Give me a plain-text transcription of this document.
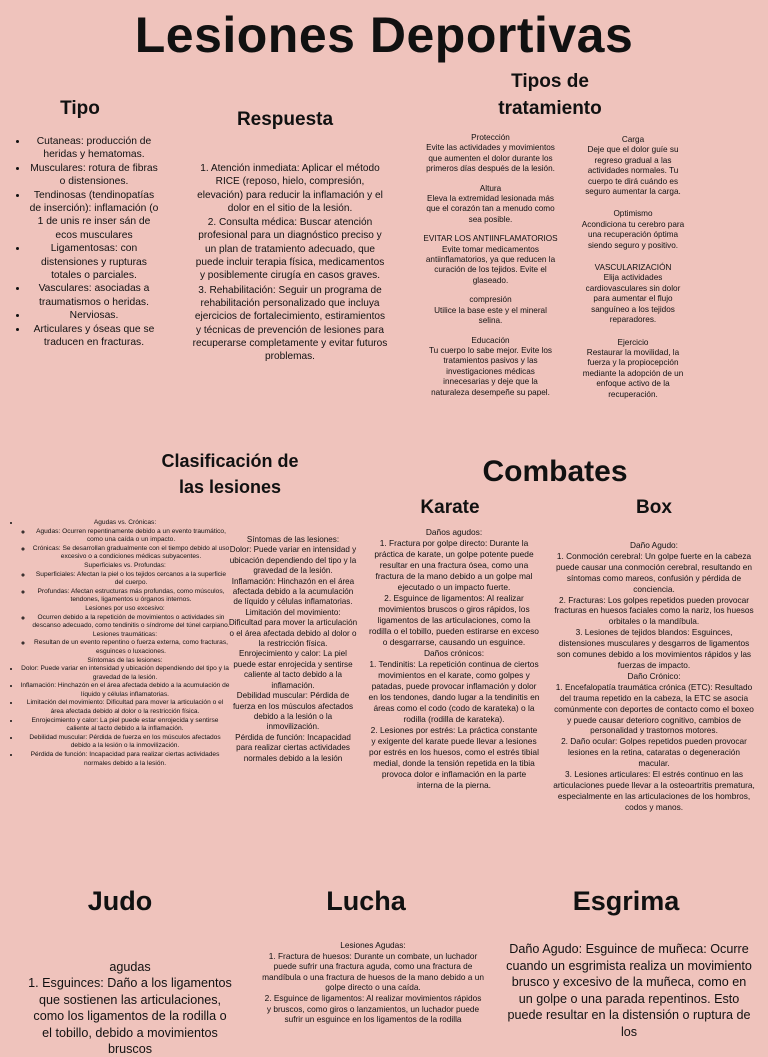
Lesiones Deportivas
Tipo
• Cutaneas: producción de heridas y hematomas.
• Musculares: rotura de fibras o distensiones.
• Tendinosas (tendinopatías de inserción): inflamación (o 1 de unis re inser sán de ecos musculares
• Ligamentosas: con distensiones y rupturas totales o parciales.
• Vasculares: asociadas a traumatismos o heridas.
• Nerviosas.
• Articulares y óseas que se traducen en fracturas.
Respuesta
1. Atención inmediata: Aplicar el método RICE (reposo, hielo, compresión, elevación) para reducir la inflamación y el dolor en el sitio de la lesión.
2. Consulta médica: Buscar atención profesional para un diagnóstico preciso y un plan de tratamiento adecuado, que puede incluir terapia física, medicamentos y posiblemente cirugía en casos graves.
3. Rehabilitación: Seguir un programa de rehabilitación personalizado que incluya ejercicios de fortalecimiento, estiramientos y técnicas de prevención de lesiones para recuperarse completamente y evitar futuros problemas.
Tipos de tratamiento
Protección
Evite las actividades y movimientos que aumenten el dolor durante los primeros días después de la lesión.
Altura
Eleva la extremidad lesionada más que el corazón tan a menudo como sea posible.
EVITAR LOS ANTIINFLAMATORIOS
Evite tomar medicamentos antiinflamatorios, ya que reducen la curación de los tejidos. Evite el glaseado.
compresión
Utilice la base este y el mineral selina.
Educación
Tu cuerpo lo sabe mejor. Evite los tratamientos pasivos y las investigaciones médicas innecesarias y deje que la naturaleza desempeñe su papel.
Carga
Deje que el dolor guíe su regreso gradual a las actividades normales. Tu cuerpo te dirá cuándo es seguro aumentar la carga.
Optimismo
Acondiciona tu cerebro para una recuperación óptima siendo seguro y positivo.
VASCULARIZACIÓN
Elija actividades cardiovasculares sin dolor para aumentar el flujo sanguíneo a los tejidos reparadores.
Ejercicio
Restaurar la movilidad, la fuerza y la propiocepción mediante la adopción de un enfoque activo de la recuperación.
Clasificación de las lesiones
• Agudas vs. Crónicas:
◦ Agudas: Ocurren repentinamente debido a un evento traumático, como una caída o un impacto.
◦ Crónicas: Se desarrollan gradualmente con el tiempo debido al uso excesivo o a condiciones médicas subyacentes.
Superficiales vs. Profundas:
◦ Superficiales: Afectan la piel o los tejidos cercanos a la superficie del cuerpo.
◦ Profundas: Afectan estructuras más profundas, como músculos, tendones, ligamentos u órganos internos.
Lesiones por uso excesivo:
◦ Ocurren debido a la repetición de movimientos o actividades sin descanso adecuado, como tendinitis o síndrome del túnel carpiano.
Lesiones traumáticas:
◦ Resultan de un evento repentino o fuerza externa, como fracturas, esguinces o luxaciones.
Síntomas de las lesiones:
• Dolor: Puede variar en intensidad y ubicación dependiendo del tipo y la gravedad de la lesión.
• Inflamación: Hinchazón en el área afectada debido a la acumulación de líquido y células inflamatorias.
• Limitación del movimiento: Dificultad para mover la articulación o el área afectada debido al dolor o la restricción física.
• Enrojecimiento y calor: La piel puede estar enrojecida y sentirse caliente al tacto debido a la inflamación.
• Debilidad muscular: Pérdida de fuerza en los músculos afectados debido a la lesión o la inmovilización.
• Pérdida de función: Incapacidad para realizar ciertas actividades normales debido a la lesión.
Síntomas de las lesiones:
Dolor: Puede variar en intensidad y ubicación dependiendo del tipo y la gravedad de la lesión.
Inflamación: Hinchazón en el área afectada debido a la acumulación de líquido y células inflamatorias.
Limitación del movimiento: Dificultad para mover la articulación o el área afectada debido al dolor o la restricción física.
Enrojecimiento y calor: La piel puede estar enrojecida y sentirse caliente al tacto debido a la inflamación.
Debilidad muscular: Pérdida de fuerza en los músculos afectados debido a la lesión o la inmovilización.
Pérdida de función: Incapacidad para realizar ciertas actividades normales debido a la lesión
Combates
Karate	Box
Daños agudos:
1. Fractura por golpe directo: Durante la práctica de karate, un golpe potente puede resultar en una fractura ósea, como una fractura de la mano debido a un golpe mal ejecutado o un impacto fuerte.
2. Esguince de ligamentos: Al realizar movimientos bruscos o giros rápidos, los ligamentos de las articulaciones, como la rodilla o el tobillo, pueden estirarse en exceso o desgarrarse, causando un esguince.
Daños crónicos:
1. Tendinitis: La repetición continua de ciertos movimientos en el karate, como golpes y patadas, puede provocar inflamación y dolor en los tendones, dando lugar a la tendinitis en áreas como el codo (codo de karateka) o la rodilla (rodilla de karateka).
2. Lesiones por estrés: La práctica constante y exigente del karate puede llevar a lesiones por estrés en los huesos, como el estrés tibial medial, donde la tensión repetida en la tibia provoca dolor e inflamación en la parte interna de la pierna.
Daño Agudo:
1. Conmoción cerebral: Un golpe fuerte en la cabeza puede causar una conmoción cerebral, resultando en síntomas como mareos, confusión y pérdida de conciencia.
2. Fracturas: Los golpes repetidos pueden provocar fracturas en huesos faciales como la nariz, los huesos orbitales o la mandíbula.
3. Lesiones de tejidos blandos: Esguinces, distensiones musculares y desgarros de ligamentos son comunes debido a los movimientos rápidos y las fuerzas de impacto.
Daño Crónico:
1. Encefalopatía traumática crónica (ETC): Resultado del trauma repetido en la cabeza, la ETC se asocia comúnmente con deportes de contacto como el boxeo y puede causar deterioro cognitivo, cambios de personalidad y trastornos motores.
2. Daño ocular: Golpes repetidos pueden provocar lesiones en la retina, cataratas o degeneración macular.
3. Lesiones articulares: El estrés continuo en las articulaciones puede llevar a la osteoartritis prematura, especialmente en las articulaciones de los hombros, codos y manos.
Judo
agudas
1. Esguinces: Daño a los ligamentos que sostienen las articulaciones, como los ligamentos de la rodilla o el tobillo, debido a movimientos bruscos
Lucha
Lesiones Agudas:
1. Fractura de huesos: Durante un combate, un luchador puede sufrir una fractura aguda, como una fractura de mandíbula o una fractura de huesos de la mano debido a un golpe directo o una caída.
2. Esguince de ligamentos: Al realizar movimientos rápidos y bruscos, como giros o lanzamientos, un luchador puede sufrir un esguince en los ligamentos de la rodilla
Esgrima
Daño Agudo: Esguince de muñeca: Ocurre cuando un esgrimista realiza un movimiento brusco y excesivo de la muñeca, como en un golpe o una parada repentinos. Esto puede resultar en la distensión o ruptura de los
